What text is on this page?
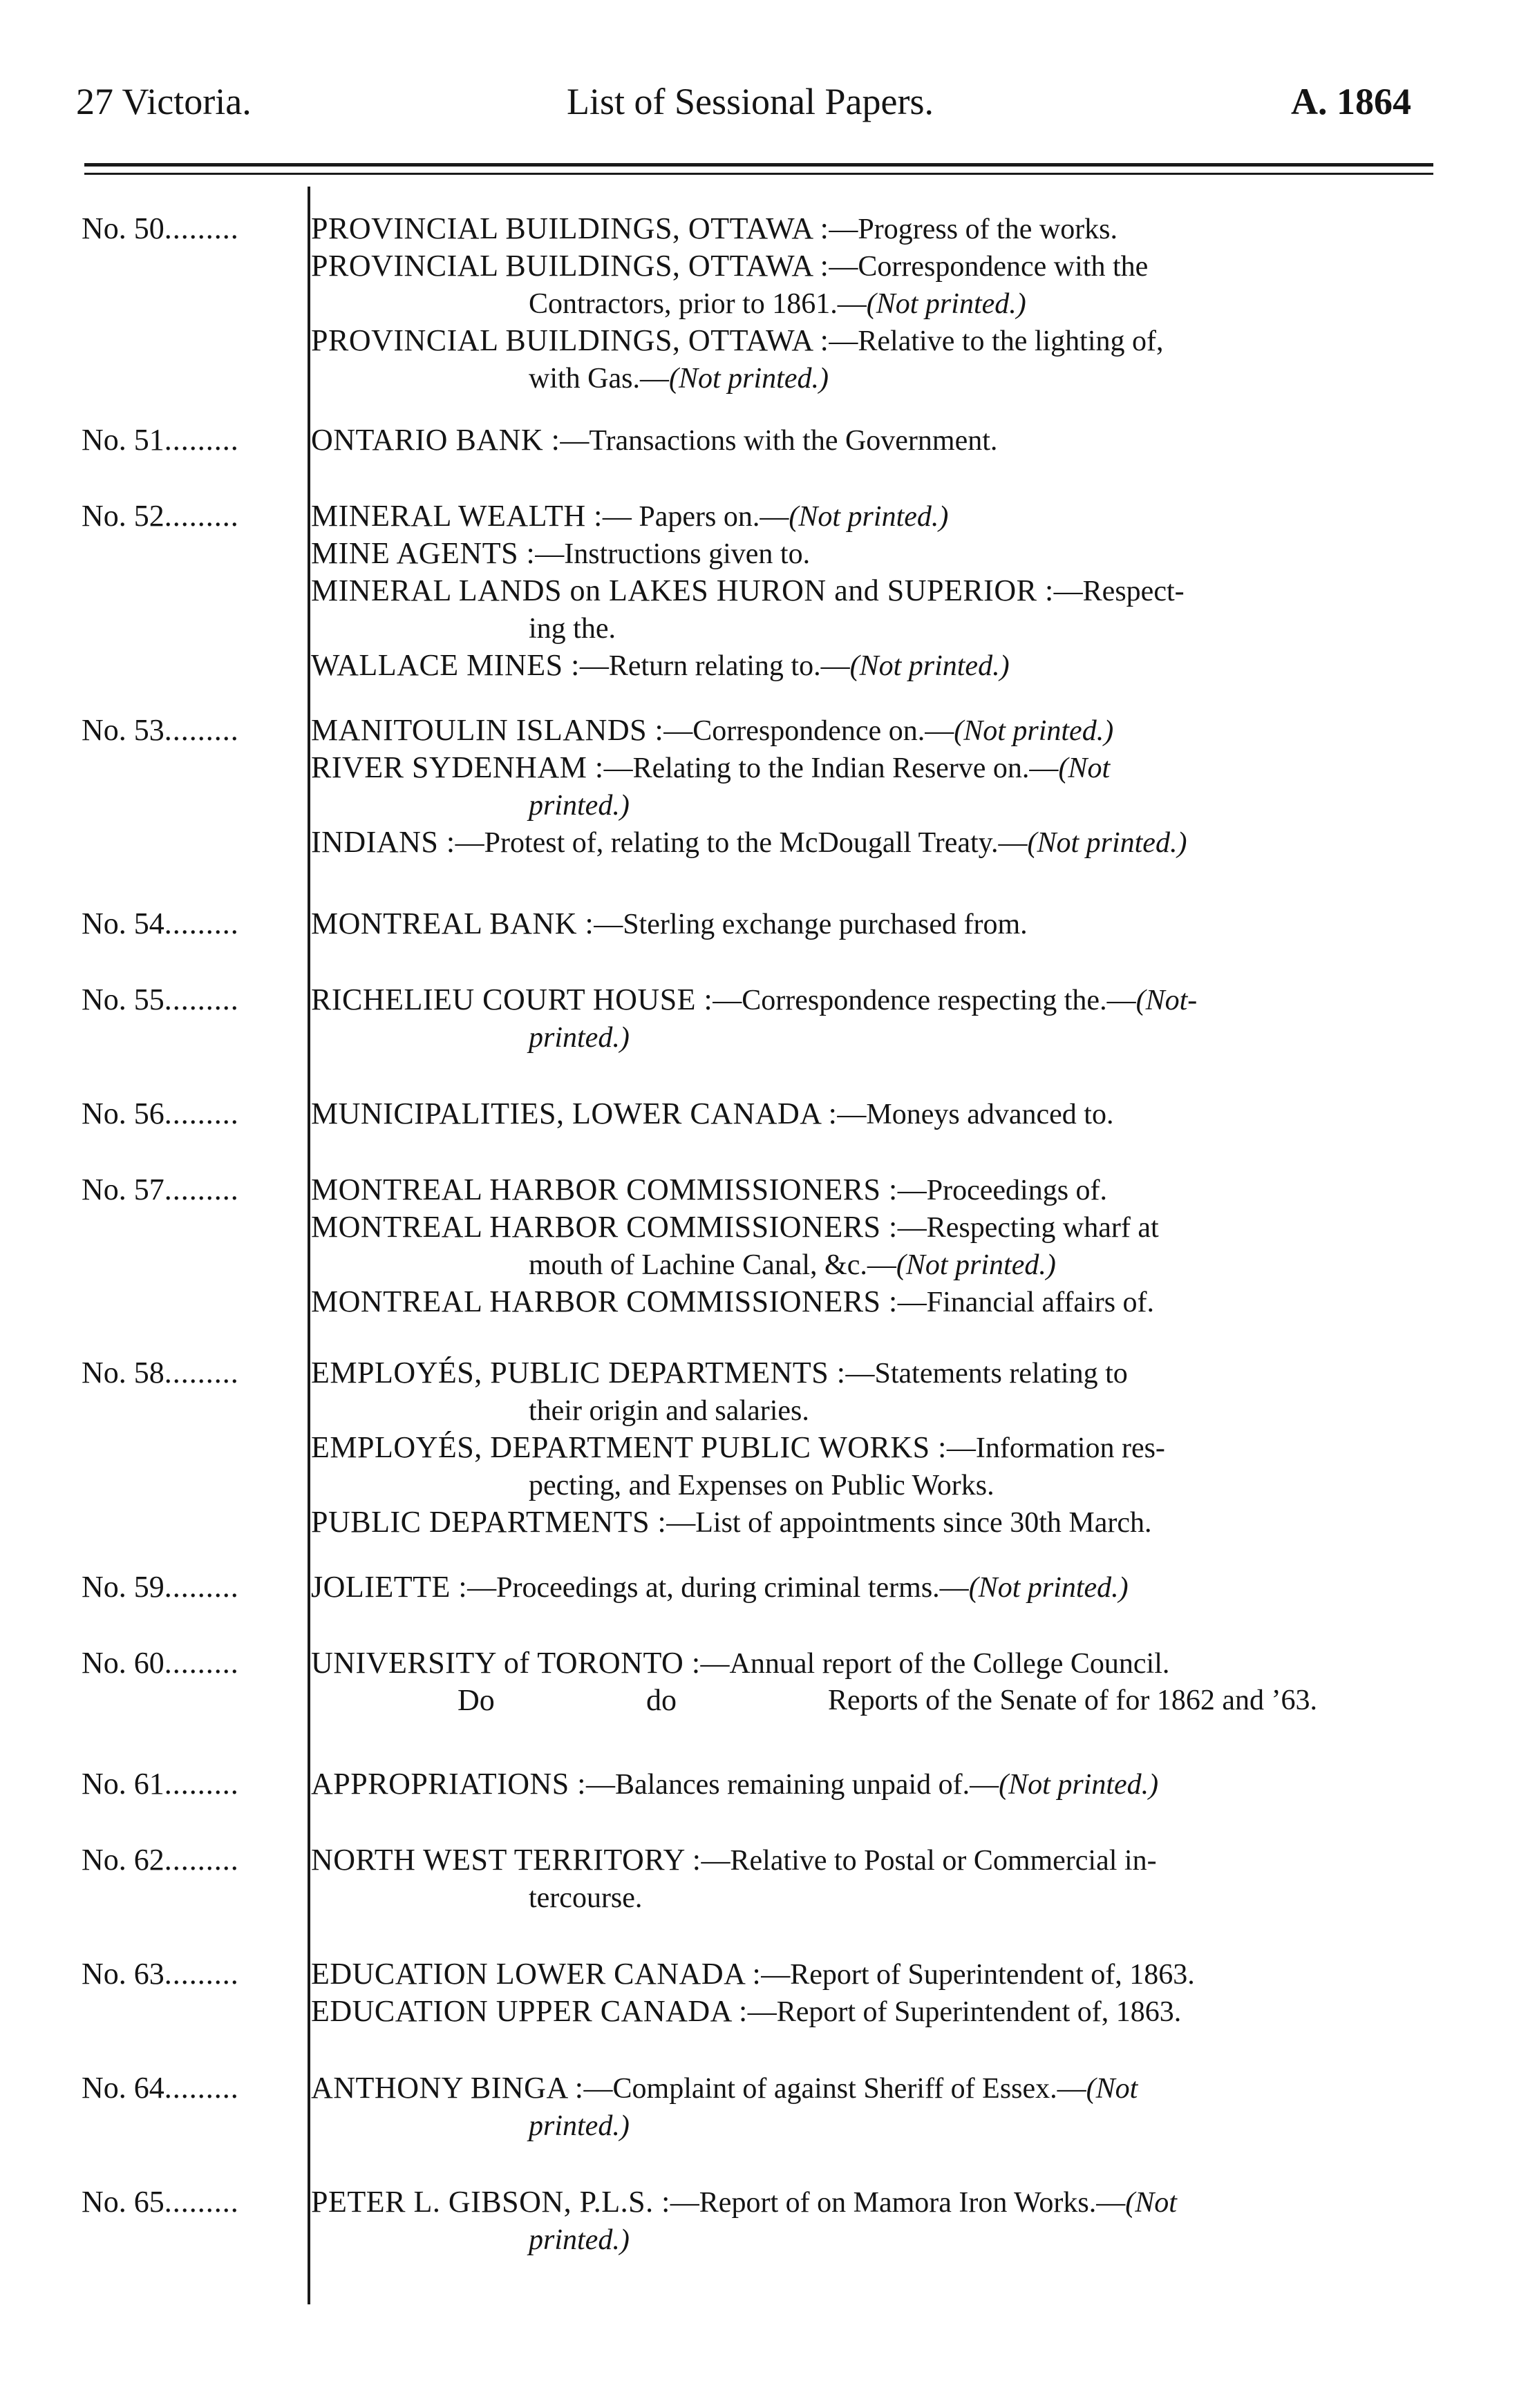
27 Victoria.	List of Sessional Papers.	A. 1864
No. 50......... PROVINCIAL BUILDINGS, OTTAWA :—Progress of the works.
PROVINCIAL BUILDINGS, OTTAWA :—Correspondence with the
Contractors, prior to 1861.—(Not printed.)
PROVINCIAL BUILDINGS, OTTAWA :—Relative to the lighting of,
with Gas.—(Not printed.)
No. 51......... ONTARIO BANK :—Transactions with the Government.
No. 52......... MINERAL WEALTH :— Papers on.—(Not printed.)
MINE AGENTS :—Instructions given to.
MINERAL LANDS on LAKES HURON and SUPERIOR :—Respect-
ing the.
WALLACE MINES :—Return relating to.—(Not printed.)
No. 53......... MANITOULIN ISLANDS :—Correspondence on.—(Not printed.)
RIVER SYDENHAM :—Relating to the Indian Reserve on.—(Not
printed.)
INDIANS :—Protest of, relating to the McDougall Treaty.—(Not printed.)
No. 54......... MONTREAL BANK :—Sterling exchange purchased from.
No. 55......... RICHELIEU COURT HOUSE :—Correspondence respecting the.—(Not-
printed.)
No. 56......... MUNICIPALITIES, LOWER CANADA :—Moneys advanced to.
No. 57......... MONTREAL HARBOR COMMISSIONERS :—Proceedings of.
MONTREAL HARBOR COMMISSIONERS :—Respecting wharf at
mouth of Lachine Canal, &c.—(Not printed.)
MONTREAL HARBOR COMMISSIONERS :—Financial affairs of.
No. 58......... EMPLOYÉS, PUBLIC DEPARTMENTS :—Statements relating to
their origin and salaries.
EMPLOYÉS, DEPARTMENT PUBLIC WORKS :—Information res-
pecting, and Expenses on Public Works.
PUBLIC DEPARTMENTS :—List of appointments since 30th March.
No. 59......... JOLIETTE :—Proceedings at, during criminal terms.—(Not printed.)
No. 60......... UNIVERSITY of TORONTO :—Annual report of the College Council.
Do	do	Reports of the Senate of for 1862 and ’63.
No. 61......... APPROPRIATIONS :—Balances remaining unpaid of.—(Not printed.)
No. 62......... NORTH WEST TERRITORY :—Relative to Postal or Commercial in-
tercourse.
No. 63......... EDUCATION LOWER CANADA :—Report of Superintendent of, 1863.
EDUCATION UPPER CANADA :—Report of Superintendent of, 1863.
No. 64......... ANTHONY BINGA :—Complaint of against Sheriff of Essex.—(Not
printed.)
No. 65......... PETER L. GIBSON, P.L.S. :—Report of on Mamora Iron Works.—(Not
printed.)
